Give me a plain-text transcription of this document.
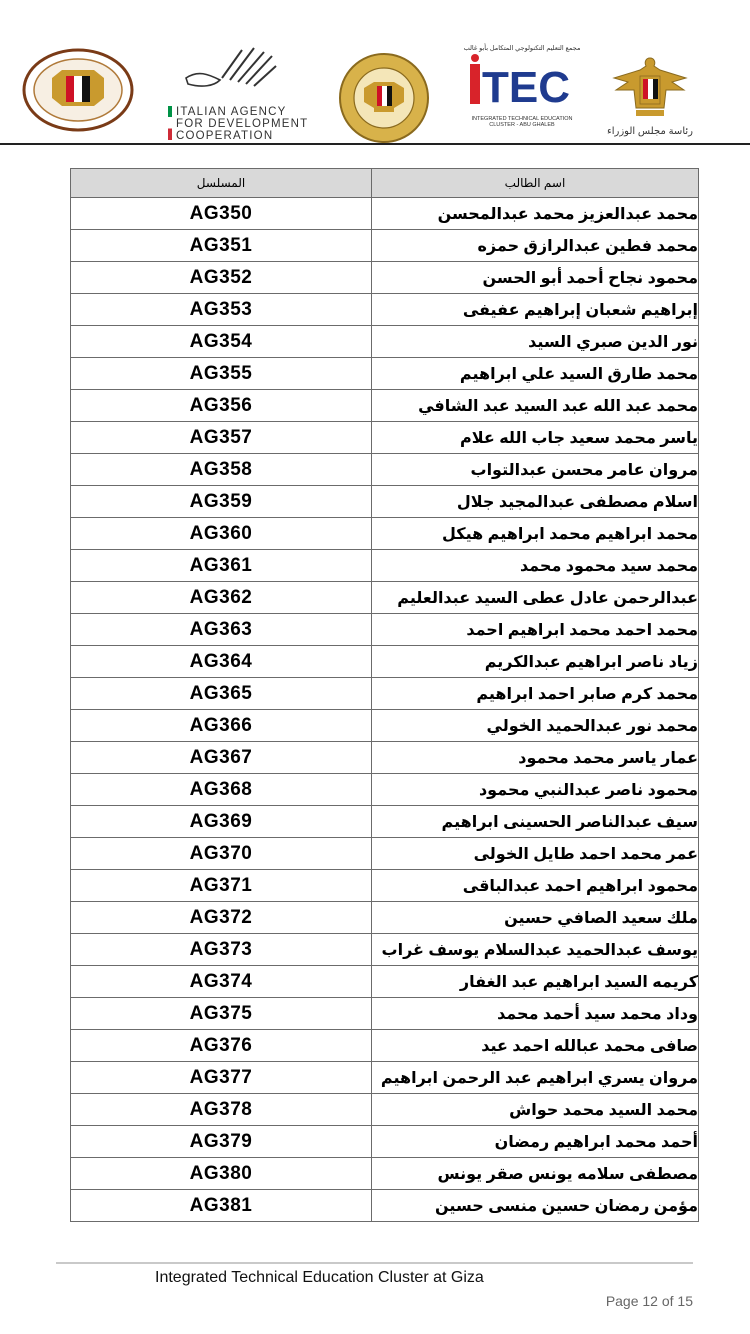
ITALIAN AGENCY
FOR DEVELOPMENT
COOPERATION
مجمع التعليم التكنولوجي المتكامل بأبو غالب
TEC
INTEGRATED TECHNICAL EDUCATION
CLUSTER - ABU GHALEB
رئاسة مجلس الوزراء
المسلسل	اسم الطالب
AG350	محمد عبدالعزيز محمد عبدالمحسن
AG351	محمد فطين عبدالرازق حمزه
AG352	محمود نجاح أحمد أبو الحسن
AG353	إبراهيم شعبان إبراهيم عفيفى
AG354	نور الدين صبري السيد
AG355	محمد طارق السيد علي ابراهيم
AG356	محمد عبد الله عبد السيد عبد الشافي
AG357	ياسر محمد سعيد جاب الله علام
AG358	مروان عامر محسن عبدالتواب
AG359	اسلام مصطفى عبدالمجيد جلال
AG360	محمد ابراهيم محمد ابراهيم هيكل
AG361	محمد سيد محمود محمد
AG362	عبدالرحمن عادل عطى السيد عبدالعليم
AG363	محمد احمد محمد ابراهيم احمد
AG364	زياد ناصر ابراهيم عبدالكريم
AG365	محمد كرم صابر احمد ابراهيم
AG366	محمد نور عبدالحميد الخولي
AG367	عمار ياسر محمد محمود
AG368	محمود ناصر عبدالنبي محمود
AG369	سيف عبدالناصر الحسينى ابراهيم
AG370	عمر محمد احمد طايل الخولى
AG371	محمود ابراهيم احمد عبدالباقى
AG372	ملك سعيد الصافي حسين
AG373	يوسف عبدالحميد عبدالسلام يوسف غراب
AG374	كريمه السيد ابراهيم عبد الغفار
AG375	وداد محمد سيد أحمد محمد
AG376	صافى محمد عبالله احمد عيد
AG377	مروان يسري ابراهيم عبد الرحمن ابراهيم
AG378	محمد السيد محمد حواش
AG379	أحمد محمد ابراهيم رمضان
AG380	مصطفى سلامه يونس صقر يونس
AG381	مؤمن رمضان حسين منسى حسين
Integrated Technical Education Cluster at Giza
Page 12 of 15
